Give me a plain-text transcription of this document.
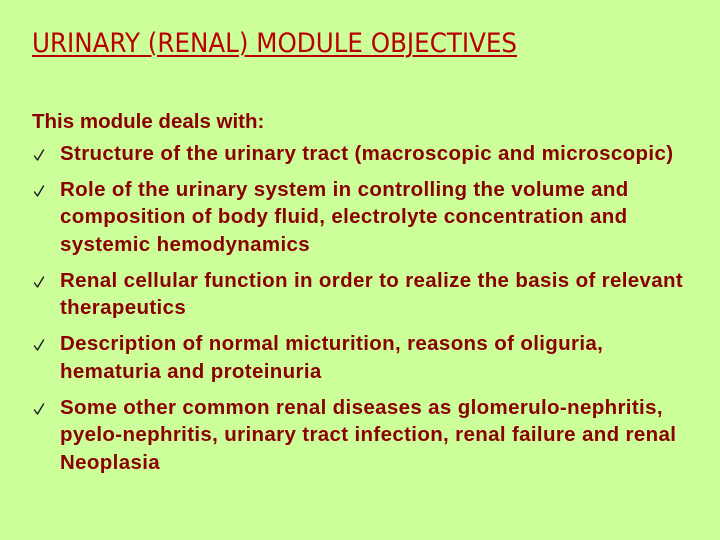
URINARY (RENAL) MODULE OBJECTIVES

This module deals with:

Structure of the urinary tract (macroscopic and microscopic)
Role of the urinary system in controlling the volume and composition of body fluid, electrolyte concentration and systemic hemodynamics
Renal cellular function in order to realize the basis of relevant therapeutics
Description of normal micturition, reasons of oliguria, hematuria and proteinuria
Some other common renal diseases as glomerulo-nephritis, pyelo-nephritis, urinary tract infection, renal failure and renal Neoplasia
